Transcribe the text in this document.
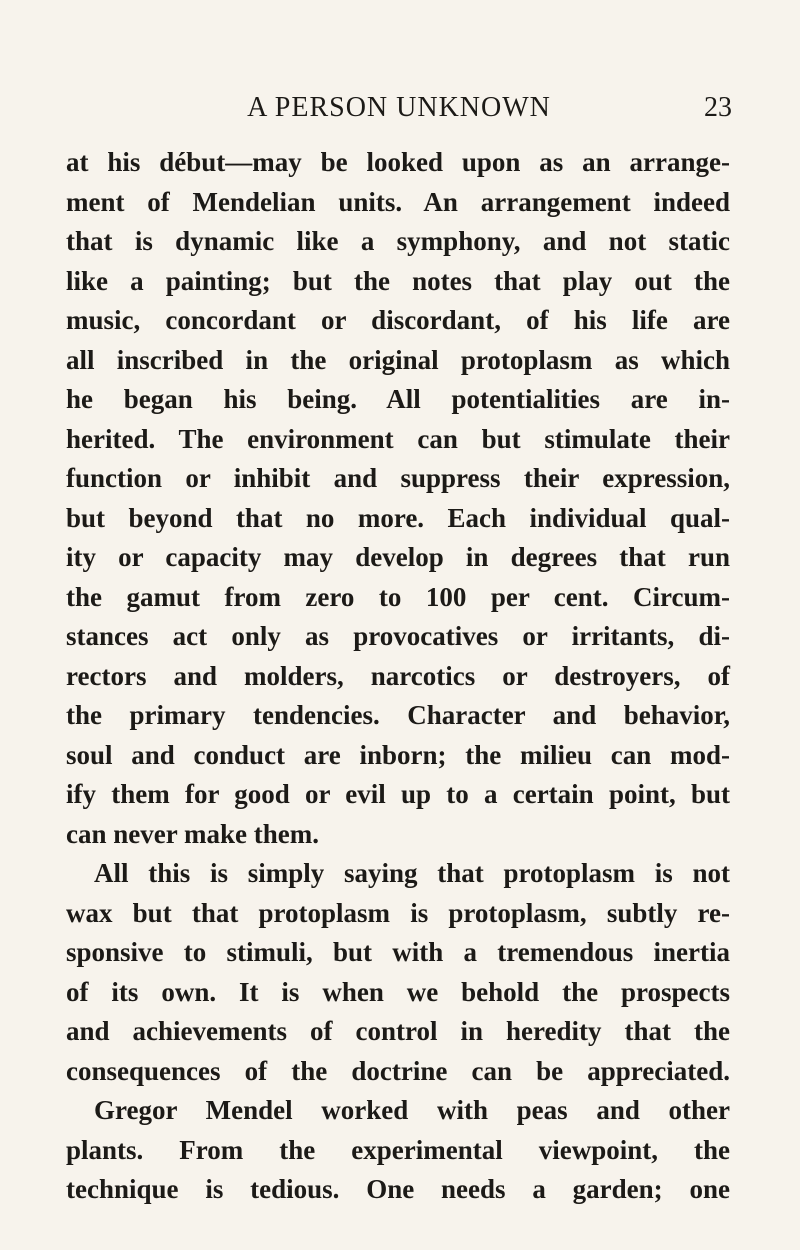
A PERSON UNKNOWN	23
at his début—may be looked upon as an arrange-
ment of Mendelian units. An arrangement indeed
that is dynamic like a symphony, and not static
like a painting; but the notes that play out the
music, concordant or discordant, of his life are
all inscribed in the original protoplasm as which
he began his being. All potentialities are in-
herited. The environment can but stimulate their
function or inhibit and suppress their expression,
but beyond that no more. Each individual qual-
ity or capacity may develop in degrees that run
the gamut from zero to 100 per cent. Circum-
stances act only as provocatives or irritants, di-
rectors and molders, narcotics or destroyers, of
the primary tendencies. Character and behavior,
soul and conduct are inborn; the milieu can mod-
ify them for good or evil up to a certain point, but
can never make them.
All this is simply saying that protoplasm is not
wax but that protoplasm is protoplasm, subtly re-
sponsive to stimuli, but with a tremendous inertia
of its own. It is when we behold the prospects
and achievements of control in heredity that the
consequences of the doctrine can be appreciated.
Gregor Mendel worked with peas and other
plants. From the experimental viewpoint, the
technique is tedious. One needs a garden; one
